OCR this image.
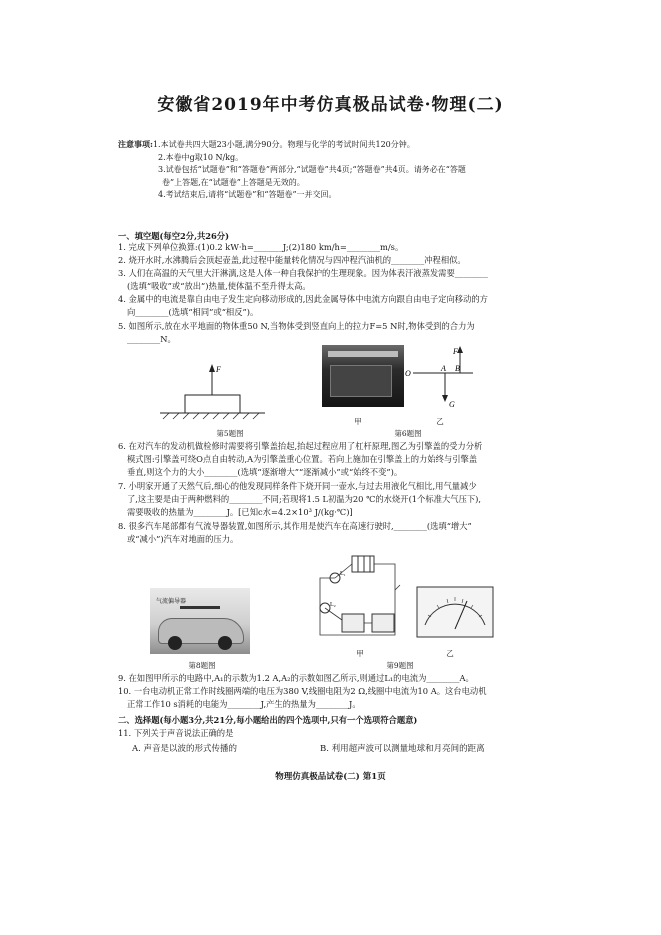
安徽省2019年中考仿真极品试卷·物理(二)
注意事项:1.本试卷共四大题23小题,满分90分。物理与化学的考试时间共120分钟。
2.本卷中g取10 N/kg。
3.试卷包括“试题卷”和“答题卷”两部分,“试题卷”共4页;“答题卷”共4页。请务必在“答题
卷”上答题,在“试题卷”上答题是无效的。
4.考试结束后,请将“试题卷”和“答题卷”一并交回。
一、填空题(每空2分,共26分)
1. 完成下列单位换算:(1)0.2 kW·h=_______J;(2)180 km/h=________m/s。
2. 烧开水时,水沸腾后会顶起壶盖,此过程中能量转化情况与四冲程汽油机的________冲程相似。
3. 人们在高温的天气里大汗淋漓,这是人体一种自我保护的生理现象。因为体表汗液蒸发需要________
(选填“吸收”或“放出”)热量,使体温不至升得太高。
4. 金属中的电流是靠自由电子发生定向移动形成的,因此金属导体中电流方向跟自由电子定向移动的方
向________(选填“相同”或“相反”)。
5. 如图所示,放在水平地面的物体重50 N,当物体受到竖直向上的拉力F=5 N时,物体受到的合力为
________N。
F
第5题图
甲
O
A B
F
G
乙
第6题图
6. 在对汽车的发动机做检修时需要将引擎盖抬起,抬起过程应用了杠杆原理,图乙为引擎盖的受力分析
模式图:引擎盖可绕O点自由转动,A为引擎盖重心位置。若向上施加在引擎盖上的力始终与引擎盖
垂直,则这个力的大小________(选填“逐渐增大”“逐渐减小”或“始终不变”)。
7. 小明家开通了天然气后,细心的他发现同样条件下烧开同一壶水,与过去用液化气相比,用气量减少
了,这主要是由于两种燃料的________不同;若现将1.5 L初温为20 ℃的水烧开(1个标准大气压下),
需要吸收的热量为________J。[已知c水=4.2×10³ J/(kg·℃)]
8. 很多汽车尾部都有气流导器装置,如图所示,其作用是使汽车在高速行驶时,________(选填“增大”
或“减小”)汽车对地面的压力。
气流偏导器
第8题图
L₁
L₂
甲	乙
第9题图
9. 在如图甲所示的电路中,A₁的示数为1.2 A,A₂的示数如图乙所示,则通过L₁的电流为________A。
10. 一台电动机正常工作时线圈两端的电压为380 V,线圈电阻为2 Ω,线圈中电流为10 A。这台电动机
正常工作10 s消耗的电能为________J,产生的热量为________J。
二、选择题(每小题3分,共21分,每小题给出的四个选项中,只有一个选项符合题意)
11. 下列关于声音说法正确的是
A. 声音是以波的形式传播的	B. 利用超声波可以测量地球和月亮间的距离
物理仿真极品试卷(二) 第1页
